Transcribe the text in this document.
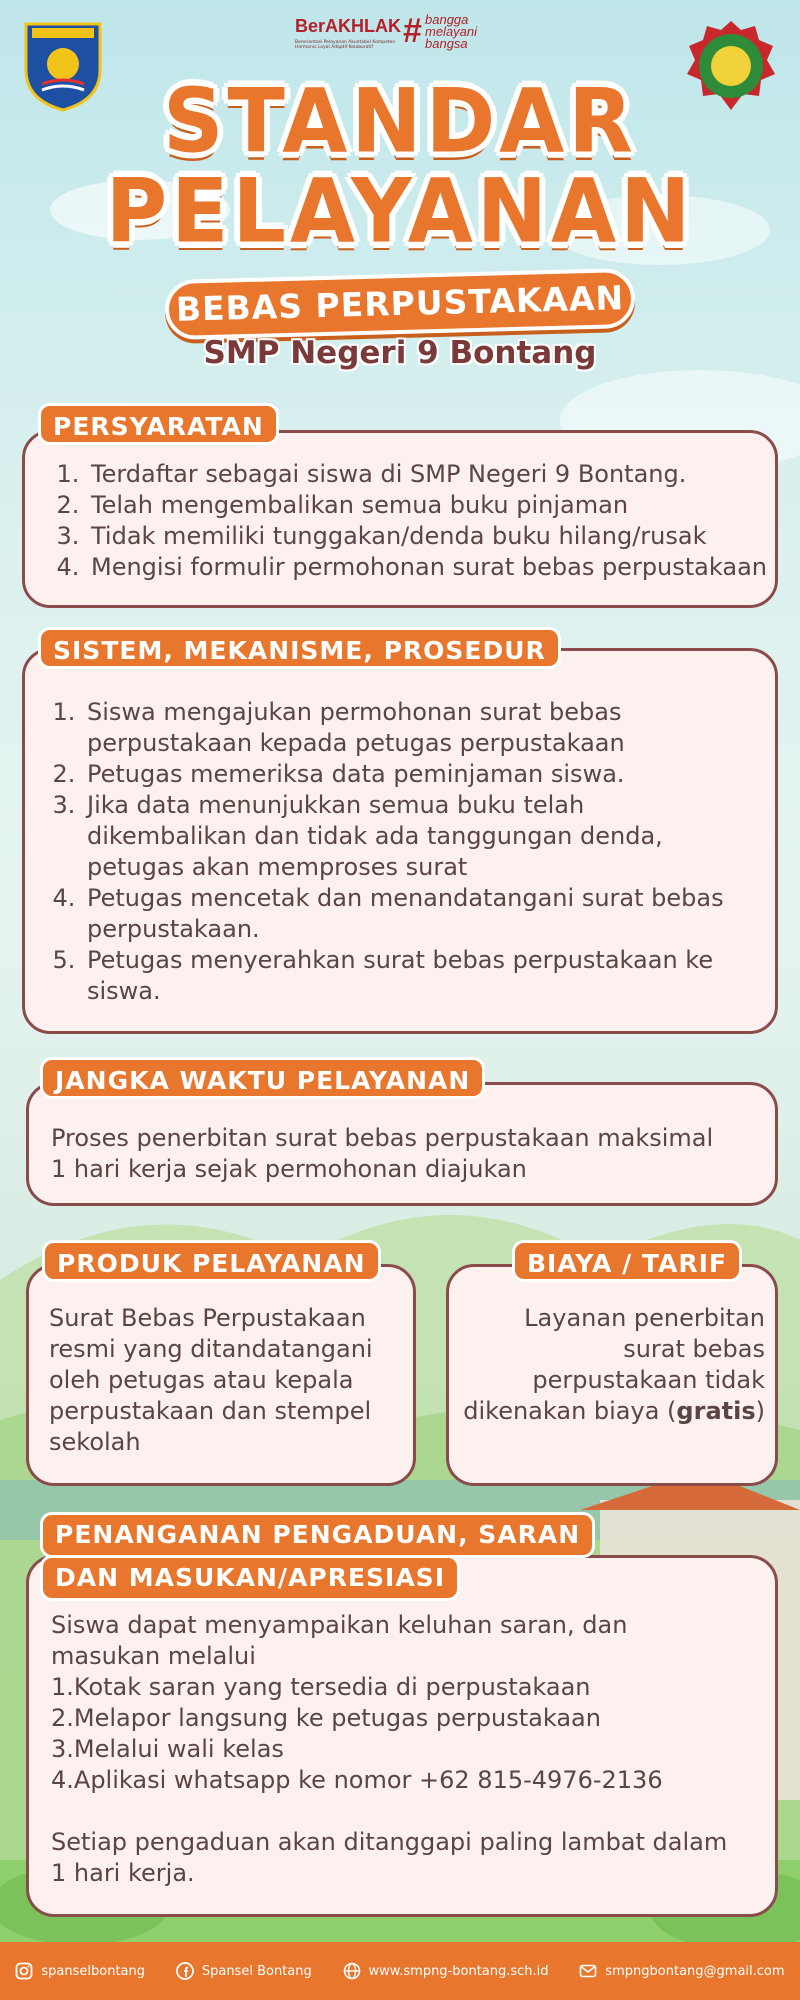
BerAKHLAK
Berorientasi Pelayanan Akuntabel Kompeten Harmonis Loyal Adaptif Kolaboratif # bangga melayani bangsa
STANDAR
PELAYANAN
BEBAS PERPUSTAKAAN
SMP Negeri 9 Bontang
1. Terdaftar sebagai siswa di SMP Negeri 9 Bontang.
2. Telah mengembalikan semua buku pinjaman
3. Tidak memiliki tunggakan/denda buku hilang/rusak
4. Mengisi formulir permohonan surat bebas perpustakaan
PERSYARATAN
1. Siswa mengajukan permohonan surat bebas perpustakaan kepada petugas perpustakaan
2. Petugas memeriksa data peminjaman siswa.
3. Jika data menunjukkan semua buku telah dikembalikan dan tidak ada tanggungan denda, petugas akan memproses surat
4. Petugas mencetak dan menandatangani surat bebas perpustakaan.
5. Petugas menyerahkan surat bebas perpustakaan ke siswa.
SISTEM, MEKANISME, PROSEDUR
Proses penerbitan surat bebas perpustakaan maksimal 1 hari kerja sejak permohonan diajukan
JANGKA WAKTU PELAYANAN
Surat Bebas Perpustakaan resmi yang ditandatangani oleh petugas atau kepala perpustakaan dan stempel sekolah
PRODUK PELAYANAN
Layanan penerbitan surat bebas perpustakaan tidak dikenakan biaya (gratis)
BIAYA / TARIF
Siswa dapat menyampaikan keluhan saran, dan masukan melalui
1.Kotak saran yang tersedia di perpustakaan
2.Melapor langsung ke petugas perpustakaan
3.Melalui wali kelas
4.Aplikasi whatsapp ke nomor +62 815-4976-2136
Setiap pengaduan akan ditanggapi paling lambat dalam 1 hari kerja.
PENANGANAN PENGADUAN, SARAN
DAN MASUKAN/APRESIASI
spanselbontang	Spansel Bontang	www.smpng-bontang.sch.id	smpngbontang@gmail.com
